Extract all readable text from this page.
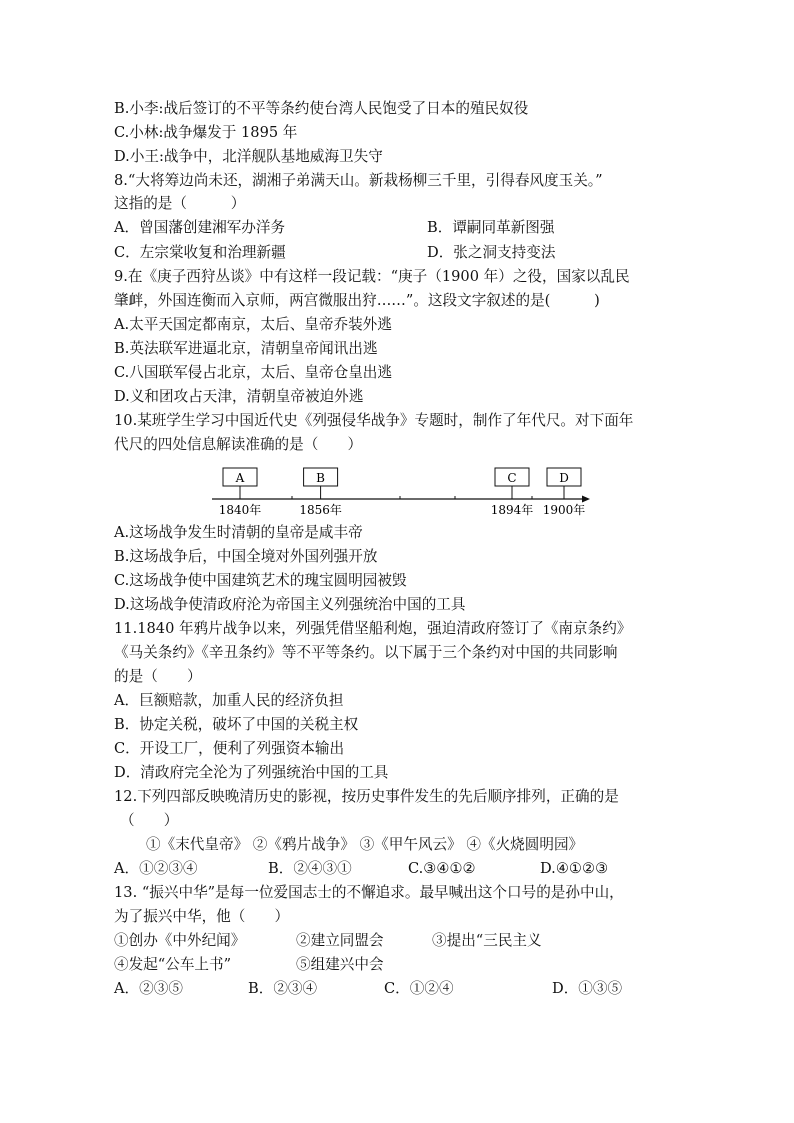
B.小李:战后签订的不平等条约使台湾人民饱受了日本的殖民奴役
C.小林:战争爆发于 1895 年
D.小王:战争中，北洋舰队基地威海卫失守
8.“大将筹边尚未还，湖湘子弟满天山。新栽杨柳三千里，引得春风度玉关。”
这指的是（　　　）
A．曾国藩创建湘军办洋务	B．谭嗣同革新图强
C．左宗棠收复和治理新疆	D．张之洞支持变法
9.在《庚子西狩丛谈》中有这样一段记载：“庚子（1900 年）之役，国家以乱民
肇衅，外国连衡而入京师，两宫微服出狩……”。这段文字叙述的是(　　　)
A.太平天国定都南京，太后、皇帝乔装外逃
B.英法联军进逼北京，清朝皇帝闻讯出逃
C.八国联军侵占北京，太后、皇帝仓皇出逃
D.义和团攻占天津，清朝皇帝被迫外逃
10.某班学生学习中国近代史《列强侵华战争》专题时，制作了年代尺。对下面年
代尺的四处信息解读准确的是（　　）
A
1840年
B
1856年
C
1894年
D
1900年
A.这场战争发生时清朝的皇帝是咸丰帝
B.这场战争后，中国全境对外国列强开放
C.这场战争使中国建筑艺术的瑰宝圆明园被毁
D.这场战争使清政府沦为帝国主义列强统治中国的工具
11.1840 年鸦片战争以来，列强凭借坚船利炮，强迫清政府签订了《南京条约》
《马关条约》《辛丑条约》等不平等条约。以下属于三个条约对中国的共同影响
的是（　　）
A．巨额赔款，加重人民的经济负担
B．协定关税，破坏了中国的关税主权
C．开设工厂，便利了列强资本输出
D．清政府完全沦为了列强统治中国的工具
12.下列四部反映晚清历史的影视，按历史事件发生的先后顺序排列，正确的是
（　　）
①《末代皇帝》 ②《鸦片战争》 ③《甲午风云》 ④《火烧圆明园》
A．①②③④	B．②④③①	C.③④①②	D.④①②③
13. “振兴中华”是每一位爱国志士的不懈追求。最早喊出这个口号的是孙中山，
为了振兴中华，他（　　）
①创办《中外纪闻》	②建立同盟会	③提出“三民主义
④发起“公车上书”	⑤组建兴中会
A．②③⑤	B．②③④	C．①②④	D．①③⑤
